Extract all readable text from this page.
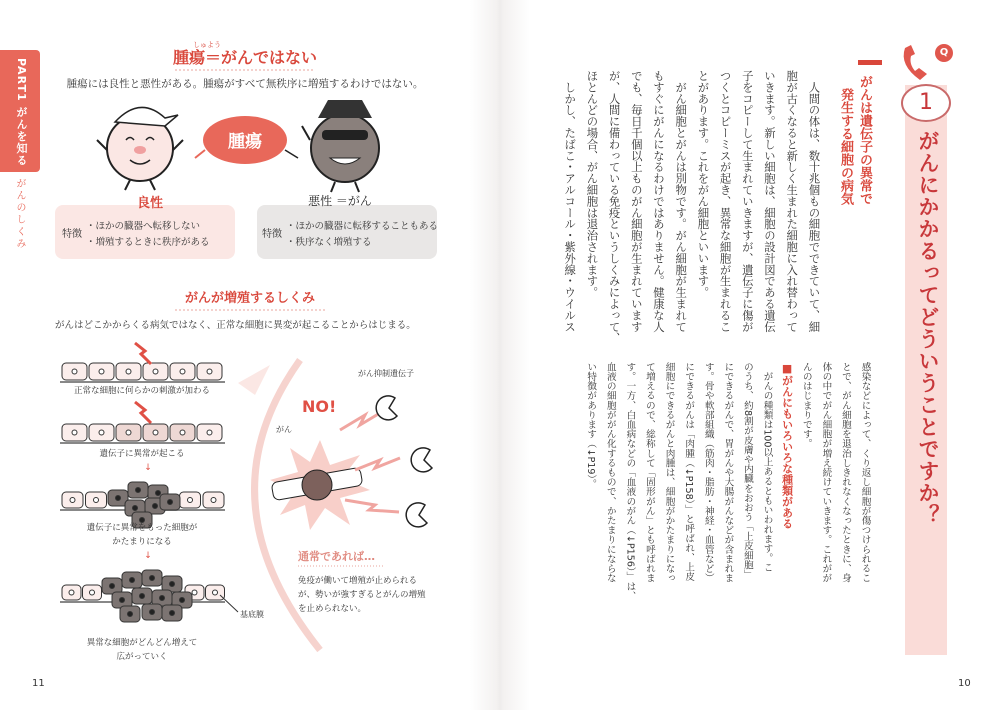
PART1 がんを知る
がんのしくみ
11
しゅよう
腫瘍＝がんではない
腫瘍には良性と悪性がある。腫瘍がすべて無秩序に増殖するわけではない。
腫瘍
良性
特徴
・ほかの臓器へ転移しない
・増殖するときに秩序がある
悪性 ＝がん
特徴
・ほかの臓器に転移することもある
・秩序なく増殖する
がんが増殖するしくみ
がんはどこかからくる病気ではなく、正常な細胞に異変が起こることからはじまる。
正常な細胞に何らかの刺激が加わる
遺伝子に異常が起こる
↓
遺伝子に異常をもった細胞が
かたまりになる
↓
基底膜
異常な細胞がどんどん増えて
広がっていく
がん抑制遺伝子
NO!
がん
通常であれば…
免疫が働いて増殖が止められる
が、勢いが強すぎるとがんの増殖
を止められない。
Q
1
がんにかかるってどういうことですか？
10
がんは遺伝子の異常で
発生する細胞の病気
　人間の体は、数十兆個もの細胞でできていて、細
胞が古くなると新しく生まれた細胞に入れ替わって
いきます。新しい細胞は、細胞の設計図である遺伝
子をコピーして生まれていきますが、遺伝子に傷が
つくとコピーミスが起き、異常な細胞が生まれるこ
とがあります。これをがん細胞といいます。
　がん細胞とがんは別物です。がん細胞が生まれて
もすぐにがんになるわけではありません。健康な人
でも、毎日千個以上ものがん細胞が生まれています
が、人間に備わっている免疫というしくみによって、
ほとんどの場合、がん細胞は退治されます。
　しかし、たばこ・アルコール・紫外線・ウイルス
感染などによって、くり返し細胞が傷つけられるこ
とで、がん細胞を退治しきれなくなったときに、身
体の中でがん細胞が増え続けていきます。これがが
んのはじまりです。
■がんにもいろいろな種類がある
　がんの種類は100以上あるともいわれます。こ
のうち、約8割が皮膚や内臓をおおう「上皮細胞」
にできるがんで、胃がんや大腸がんなどが含まれま
す。骨や軟部組織（筋肉・脂肪・神経・血管など）
にできるがんは「肉腫（↓P158）」と呼ばれ、上皮
細胞にできるがんと肉腫は、細胞がかたまりになっ
て増えるので、総称して「固形がん」とも呼ばれま
す。一方、白血病などの「血液のがん（↓P156）」は、
血液の細胞ががん化するもので、かたまりにならな
い特徴があります（↓P19）。
